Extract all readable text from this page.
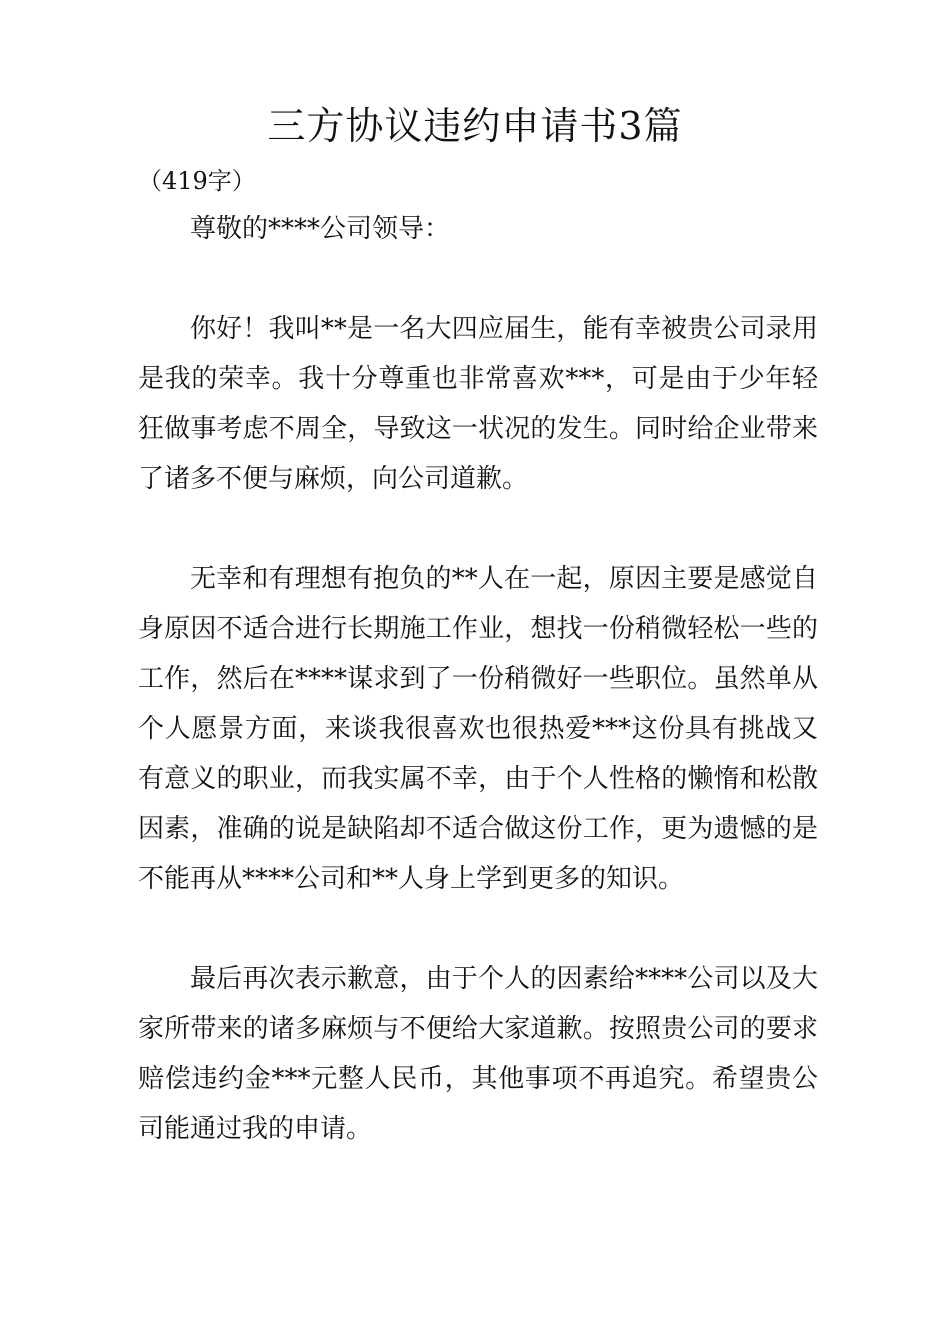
三方协议违约申请书3篇
（419字）

尊敬的****公司领导：

你好！我叫**是一名大四应届生，能有幸被贵公司录用是我的荣幸。我十分尊重也非常喜欢***，可是由于少年轻狂做事考虑不周全，导致这一状况的发生。同时给企业带来了诸多不便与麻烦，向公司道歉。

无幸和有理想有抱负的**人在一起，原因主要是感觉自身原因不适合进行长期施工作业，想找一份稍微轻松一些的工作，然后在****谋求到了一份稍微好一些职位。虽然单从个人愿景方面，来谈我很喜欢也很热爱***这份具有挑战又有意义的职业，而我实属不幸，由于个人性格的懒惰和松散因素，准确的说是缺陷却不适合做这份工作，更为遗憾的是不能再从****公司和**人身上学到更多的知识。

最后再次表示歉意，由于个人的因素给****公司以及大家所带来的诸多麻烦与不便给大家道歉。按照贵公司的要求赔偿违约金***元整人民币，其他事项不再追究。希望贵公司能通过我的申请。
